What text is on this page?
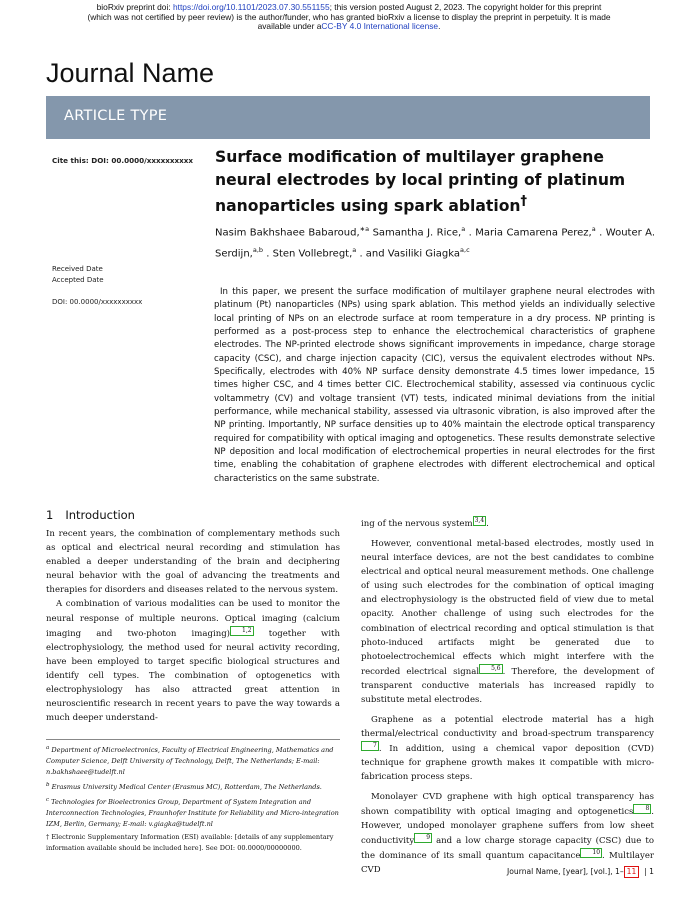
bioRxiv preprint doi: https://doi.org/10.1101/2023.07.30.551155; this version posted August 2, 2023. The copyright holder for this preprint
(which was not certified by peer review) is the author/funder, who has granted bioRxiv a license to display the preprint in perpetuity. It is made
available under aCC-BY 4.0 International license.
Journal Name
ARTICLE TYPE
Cite this: DOI: 00.0000/xxxxxxxxxx
Received Date
Accepted Date
DOI: 00.0000/xxxxxxxxxx
Surface modification of multilayer graphene neural electrodes by local printing of platinum nanoparticles using spark ablation†
Nasim Bakhshaee Babaroud,$^{∗a}$ Samantha J. Rice,$^a$ . Maria Camarena Perez,$^a$ . Wouter A. Serdijn,$^{a,b}$ . Sten Vollebregt,$^a$ . and Vasiliki Giagka$^{a,c}$
In this paper, we present the surface modification of multilayer graphene neural electrodes with platinum (Pt) nanoparticles (NPs) using spark ablation. This method yields an individually selective local printing of NPs on an electrode surface at room temperature in a dry process. NP printing is performed as a post-process step to enhance the electrochemical characteristics of graphene electrodes. The NP-printed electrode shows significant improvements in impedance, charge storage capacity (CSC), and charge injection capacity (CIC), versus the equivalent electrodes without NPs. Specifically, electrodes with 40% NP surface density demonstrate 4.5 times lower impedance, 15 times higher CSC, and 4 times better CIC. Electrochemical stability, assessed via continuous cyclic voltammetry (CV) and voltage transient (VT) tests, indicated minimal deviations from the initial performance, while mechanical stability, assessed via ultrasonic vibration, is also improved after the NP printing. Importantly, NP surface densities up to 40% maintain the electrode optical transparency required for compatibility with optical imaging and optogenetics. These results demonstrate selective NP deposition and local modification of electrochemical properties in neural electrodes for the first time, enabling the cohabitation of graphene electrodes with different electrochemical and optical characteristics on the same substrate.
1 Introduction

In recent years, the combination of complementary methods such as optical and electrical neural recording and stimulation has enabled a deeper understanding of the brain and deciphering neural behavior with the goal of advancing the treatments and therapies for disorders and diseases related to the nervous system.

A combination of various modalities can be used to monitor the neural response of multiple neurons. Optical imaging (calcium imaging and two-photon imaging) 1,2 together with electrophysiology, the method used for neural activity recording, have been employed to target specific biological structures and identify cell types. The combination of optogenetics with electrophysiology has also attracted great attention in neuroscientific research in recent years to pave the way towards a much deeper understand-

ing of the nervous system 3,4 .

However, conventional metal-based electrodes, mostly used in neural interface devices, are not the best candidates to combine electrical and optical neural measurement methods. One challenge of using such electrodes for the combination of optical imaging and electrophysiology is the obstructed field of view due to metal opacity. Another challenge of using such electrodes for the combination of electrical recording and optical stimulation is that photo-induced artifacts might be generated due to photoelectrochemical effects which might interfere with the recorded electrical signal 5,6 . Therefore, the development of transparent conductive materials has increased rapidly to substitute metal electrodes.

Graphene as a potential electrode material has a high thermal/electrical conductivity and broad-spectrum transparency7 . In addition, using a chemical vapor deposition (CVD) technique for graphene growth makes it compatible with micro-fabrication process steps.

Monolayer CVD graphene with high optical transparency has shown compatibility with optical imaging and optogenetics 8 . However, undoped monolayer graphene suffers from low sheet conductivity 9 and a low charge storage capacity (CSC) due to the dominance of its small quantum capacitance 10 . Multilayer CVD

$^a$ Department of Microelectronics, Faculty of Electrical Engineering, Mathematics and Computer Science, Delft University of Technology, Delft, The Netherlands; E-mail: n.bakhshaee@tudelft.nl
$^b$ Erasmus University Medical Center (Erasmus MC), Rotterdam, The Netherlands.
$^c$ Technologies for Bioelectronics Group, Department of System Integration and Interconnection Technologies, Fraunhofer Institute for Reliability and Micro-integration IZM, Berlin, Germany; E-mail: v.giagka@tudelft.nl
† Electronic Supplementary Information (ESI) available: [details of any supplementary information available should be included here]. See DOI: 00.0000/00000000.
Journal Name, [year], [vol.], 1– 11  | 1
